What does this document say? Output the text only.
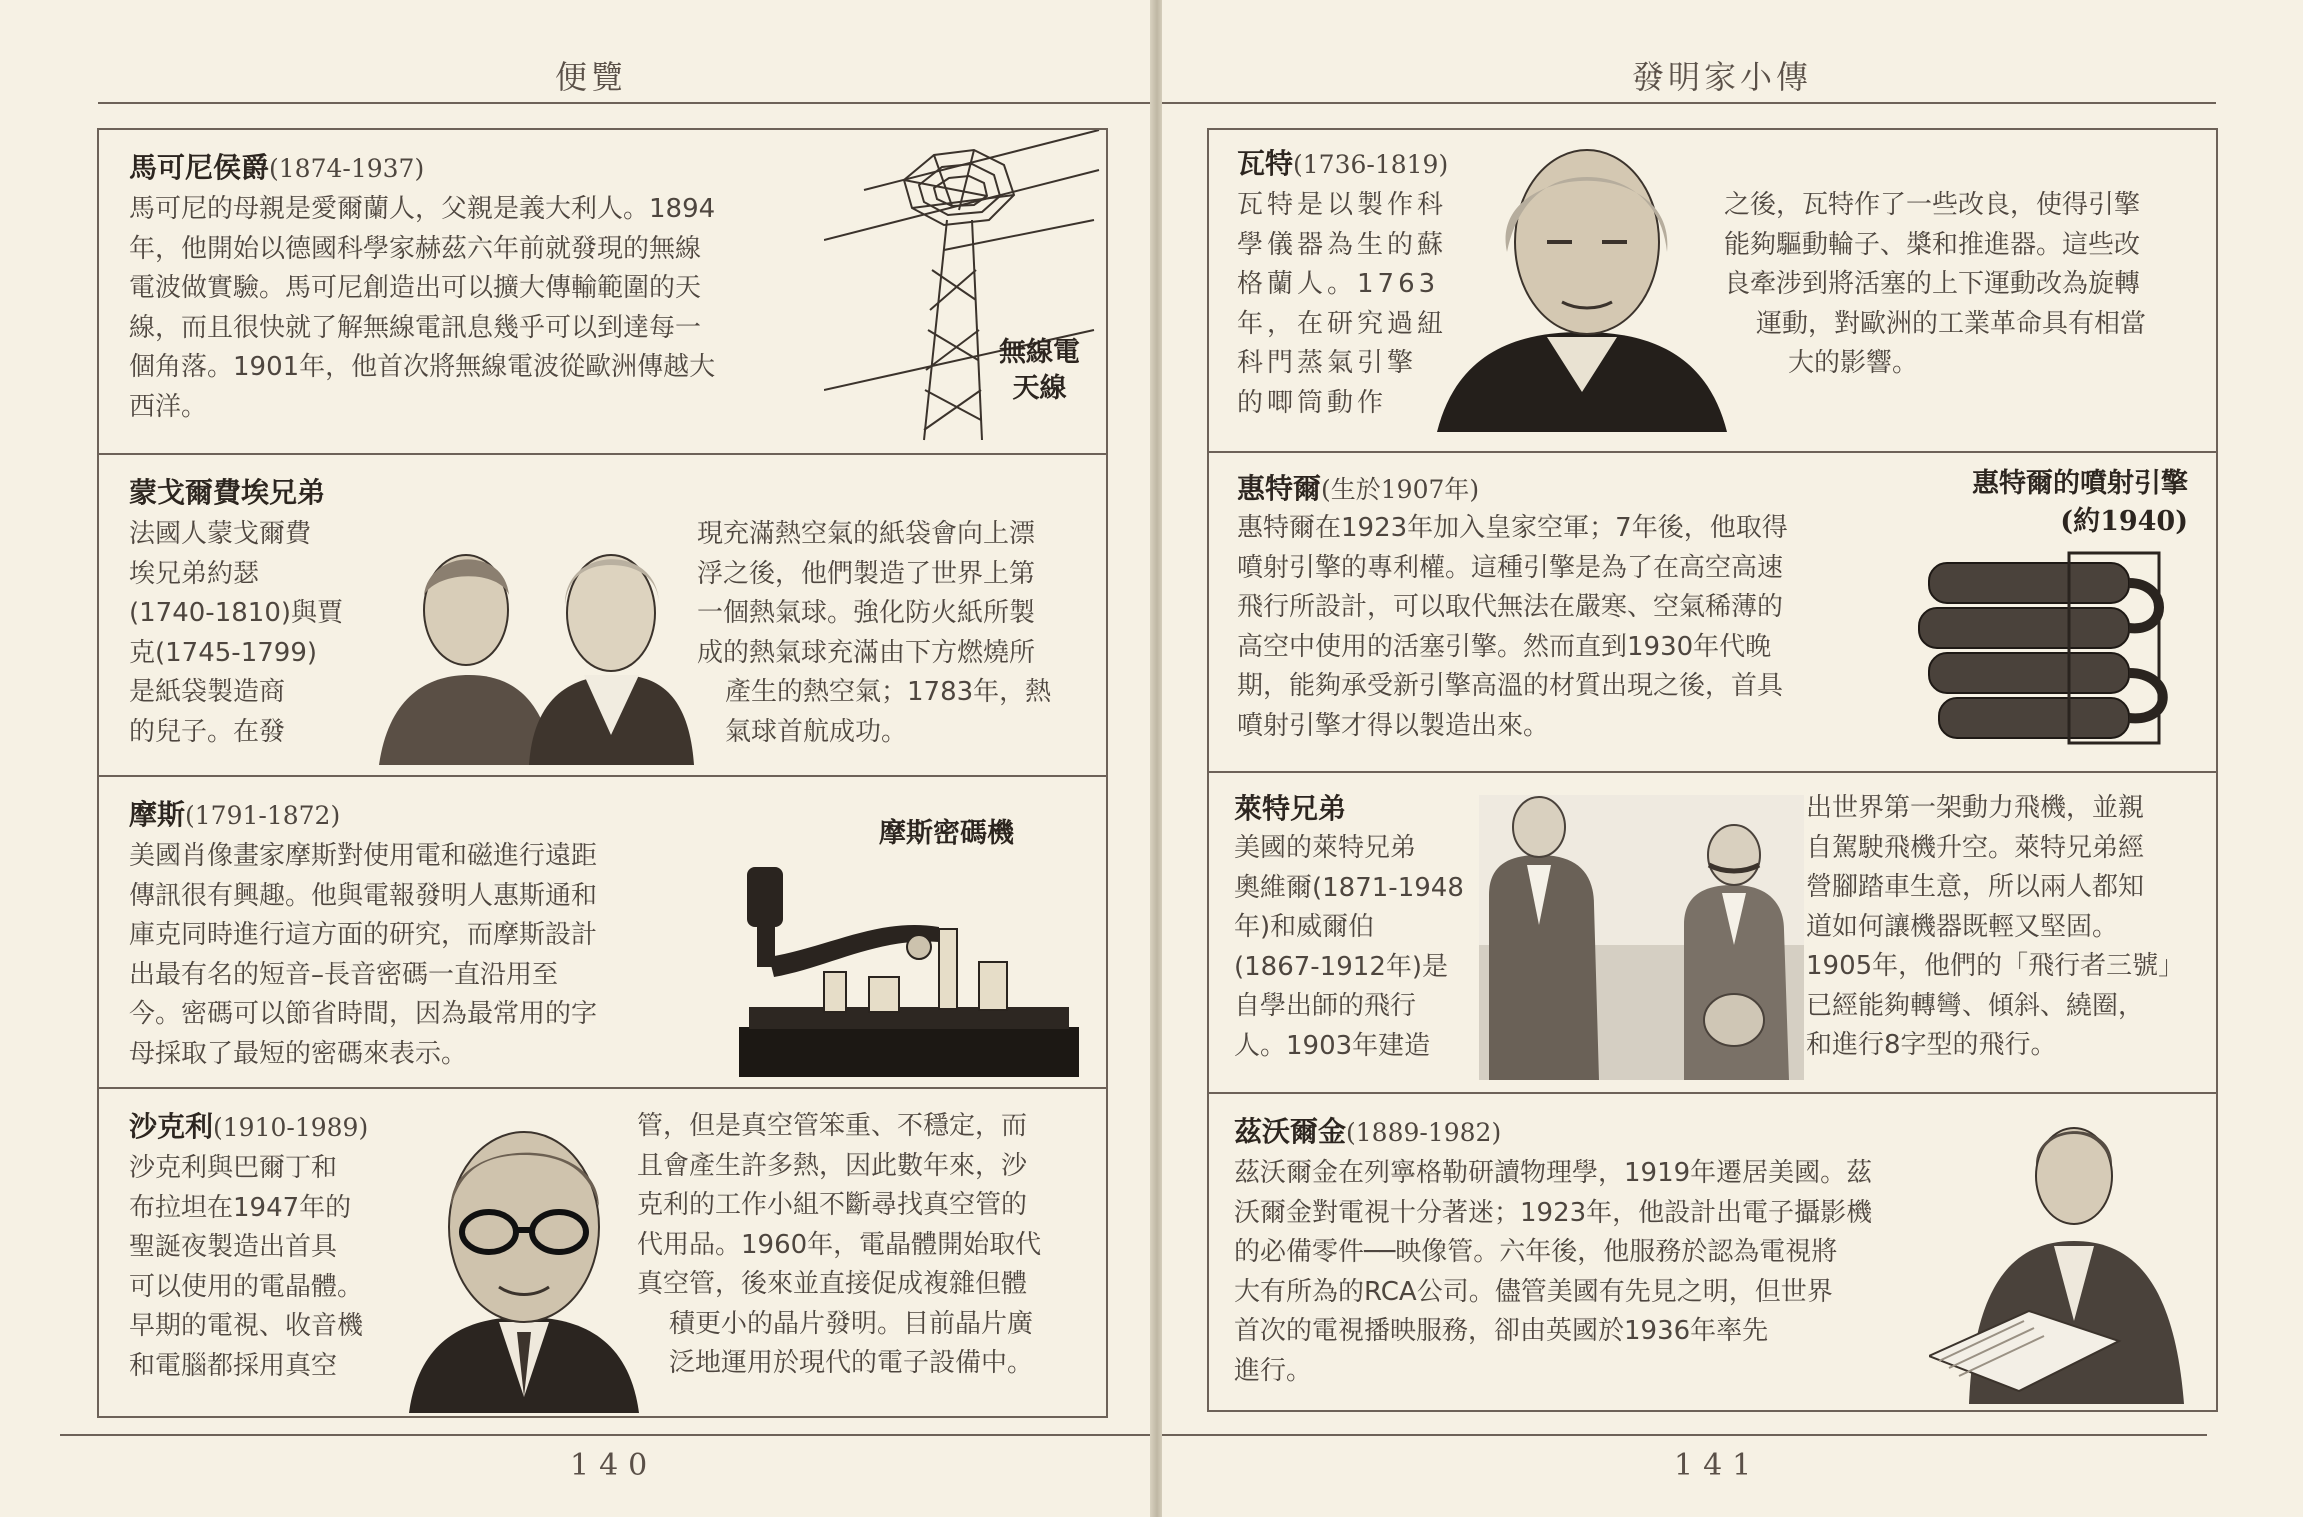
便覽
馬可尼侯爵(1874-1937)
馬可尼的母親是愛爾蘭人，父親是義大利人。1894
年，他開始以德國科學家赫茲六年前就發現的無線
電波做實驗。馬可尼創造出可以擴大傳輸範圍的天
線，而且很快就了解無線電訊息幾乎可以到達每一
個角落。1901年，他首次將無線電波從歐洲傳越大
西洋。
無線電
天線
蒙戈爾費埃兄弟
法國人蒙戈爾費
埃兄弟約瑟
(1740-1810)與賈
克(1745-1799)
是紙袋製造商
的兒子。在發
現充滿熱空氣的紙袋會向上漂
浮之後，他們製造了世界上第
一個熱氣球。強化防火紙所製
成的熱氣球充滿由下方燃燒所
產生的熱空氣；1783年，熱
氣球首航成功。
摩斯(1791-1872)
美國肖像畫家摩斯對使用電和磁進行遠距
傳訊很有興趣。他與電報發明人惠斯通和
庫克同時進行這方面的研究，而摩斯設計
出最有名的短音–長音密碼一直沿用至
今。密碼可以節省時間，因為最常用的字
母採取了最短的密碼來表示。
摩斯密碼機
沙克利(1910-1989)
沙克利與巴爾丁和
布拉坦在1947年的
聖誕夜製造出首具
可以使用的電晶體。
早期的電視、收音機
和電腦都採用真空
管，但是真空管笨重、不穩定，而
且會產生許多熱，因此數年來，沙
克利的工作小組不斷尋找真空管的
代用品。1960年，電晶體開始取代
真空管，後來並直接促成複雜但體
積更小的晶片發明。目前晶片廣
泛地運用於現代的電子設備中。
140
發明家小傳
瓦特(1736-1819)
瓦特是以製作科
學儀器為生的蘇
格蘭人。1763
年，在研究過紐
科門蒸氣引擎
的唧筒動作
之後，瓦特作了一些改良，使得引擎
能夠驅動輪子、槳和推進器。這些改
良牽涉到將活塞的上下運動改為旋轉
運動，對歐洲的工業革命具有相當
大的影響。
惠特爾(生於1907年)
惠特爾在1923年加入皇家空軍；7年後，他取得
噴射引擎的專利權。這種引擎是為了在高空高速
飛行所設計，可以取代無法在嚴寒、空氣稀薄的
高空中使用的活塞引擎。然而直到1930年代晚
期，能夠承受新引擎高溫的材質出現之後，首具
噴射引擎才得以製造出來。
惠特爾的噴射引擎
(約1940)
萊特兄弟
美國的萊特兄弟
奧維爾(1871-1948
年)和威爾伯
(1867-1912年)是
自學出師的飛行
人。1903年建造
出世界第一架動力飛機，並親
自駕駛飛機升空。萊特兄弟經
營腳踏車生意，所以兩人都知
道如何讓機器既輕又堅固。
1905年，他們的「飛行者三號」
已經能夠轉彎、傾斜、繞圈，
和進行8字型的飛行。
茲沃爾金(1889-1982)
茲沃爾金在列寧格勒研讀物理學，1919年遷居美國。茲
沃爾金對電視十分著迷；1923年，他設計出電子攝影機
的必備零件──映像管。六年後，他服務於認為電視將
大有所為的RCA公司。儘管美國有先見之明，但世界
首次的電視播映服務，卻由英國於1936年率先
進行。
141
